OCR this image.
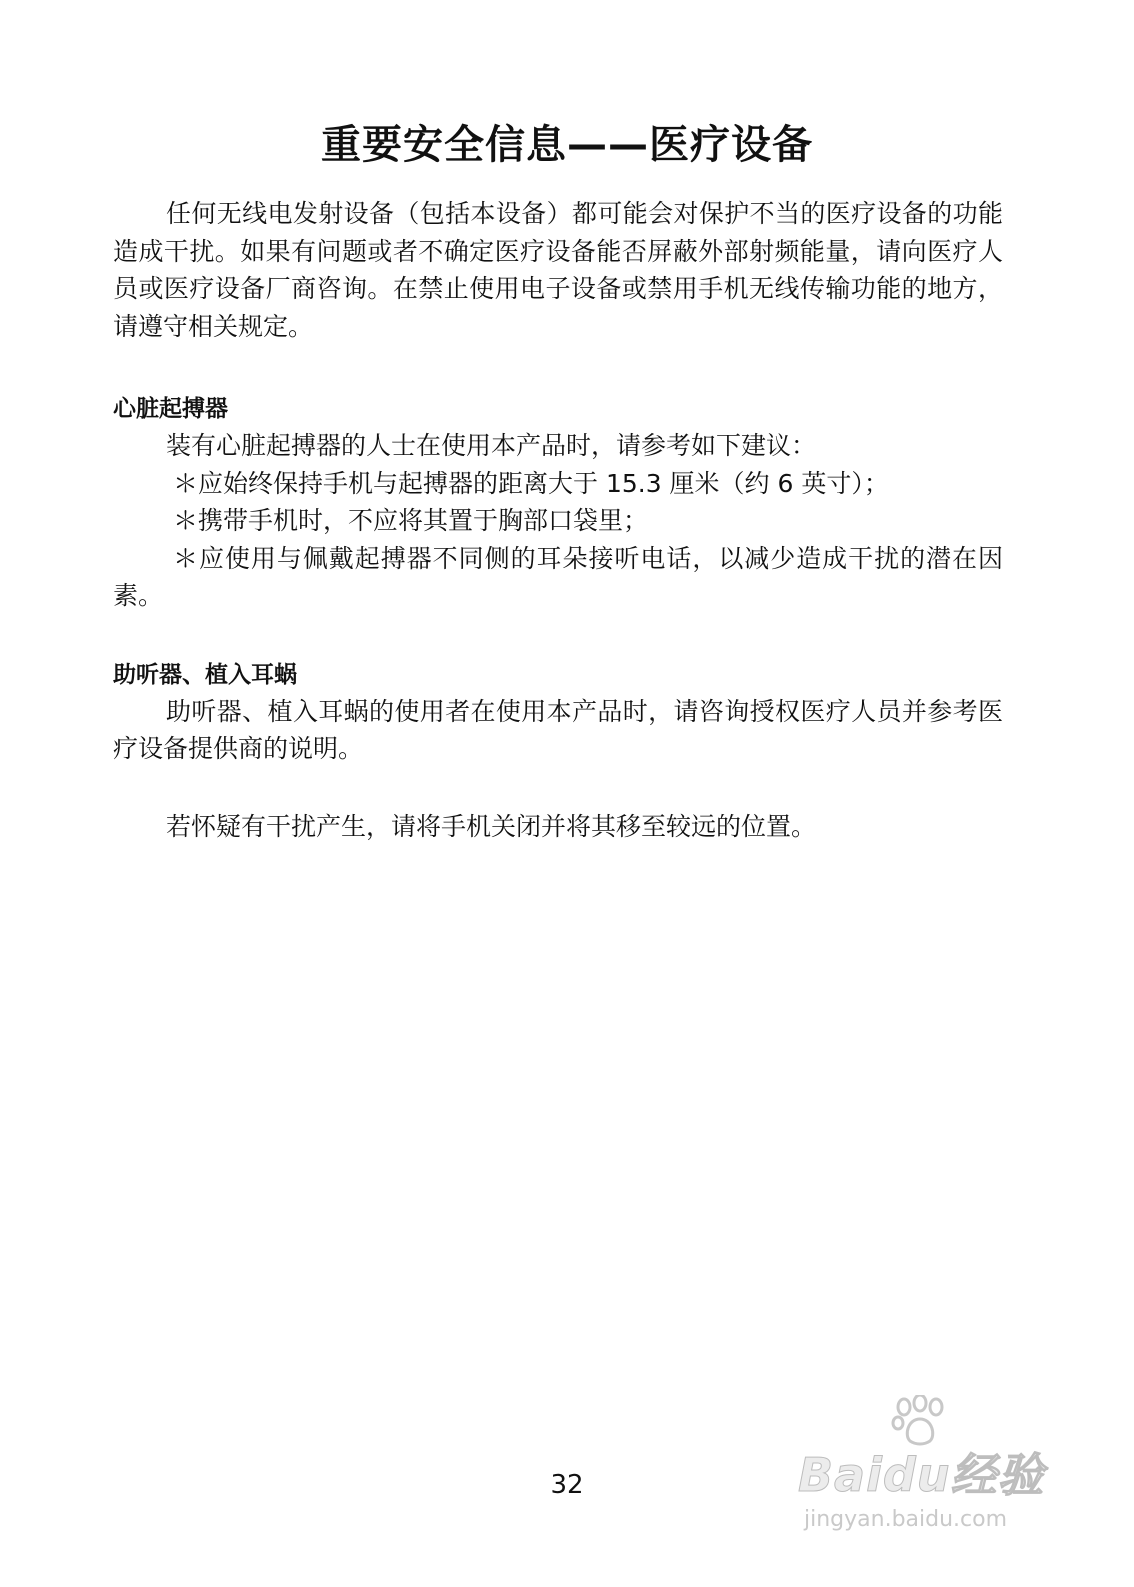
重要安全信息——医疗设备

任何无线电发射设备（包括本设备）都可能会对保护不当的医疗设备的功能造成干扰。如果有问题或者不确定医疗设备能否屏蔽外部射频能量，请向医疗人员或医疗设备厂商咨询。在禁止使用电子设备或禁用手机无线传输功能的地方，请遵守相关规定。

心脏起搏器

装有心脏起搏器的人士在使用本产品时，请参考如下建议：

＊应始终保持手机与起搏器的距离大于 15.3 厘米（约 6 英寸）；

＊携带手机时，不应将其置于胸部口袋里；

＊应使用与佩戴起搏器不同侧的耳朵接听电话，以减少造成干扰的潜在因素。

助听器、植入耳蜗

助听器、植入耳蜗的使用者在使用本产品时，请咨询授权医疗人员并参考医疗设备提供商的说明。

若怀疑有干扰产生，请将手机关闭并将其移至较远的位置。

32	Baidu经验
jingyan.baidu.com
